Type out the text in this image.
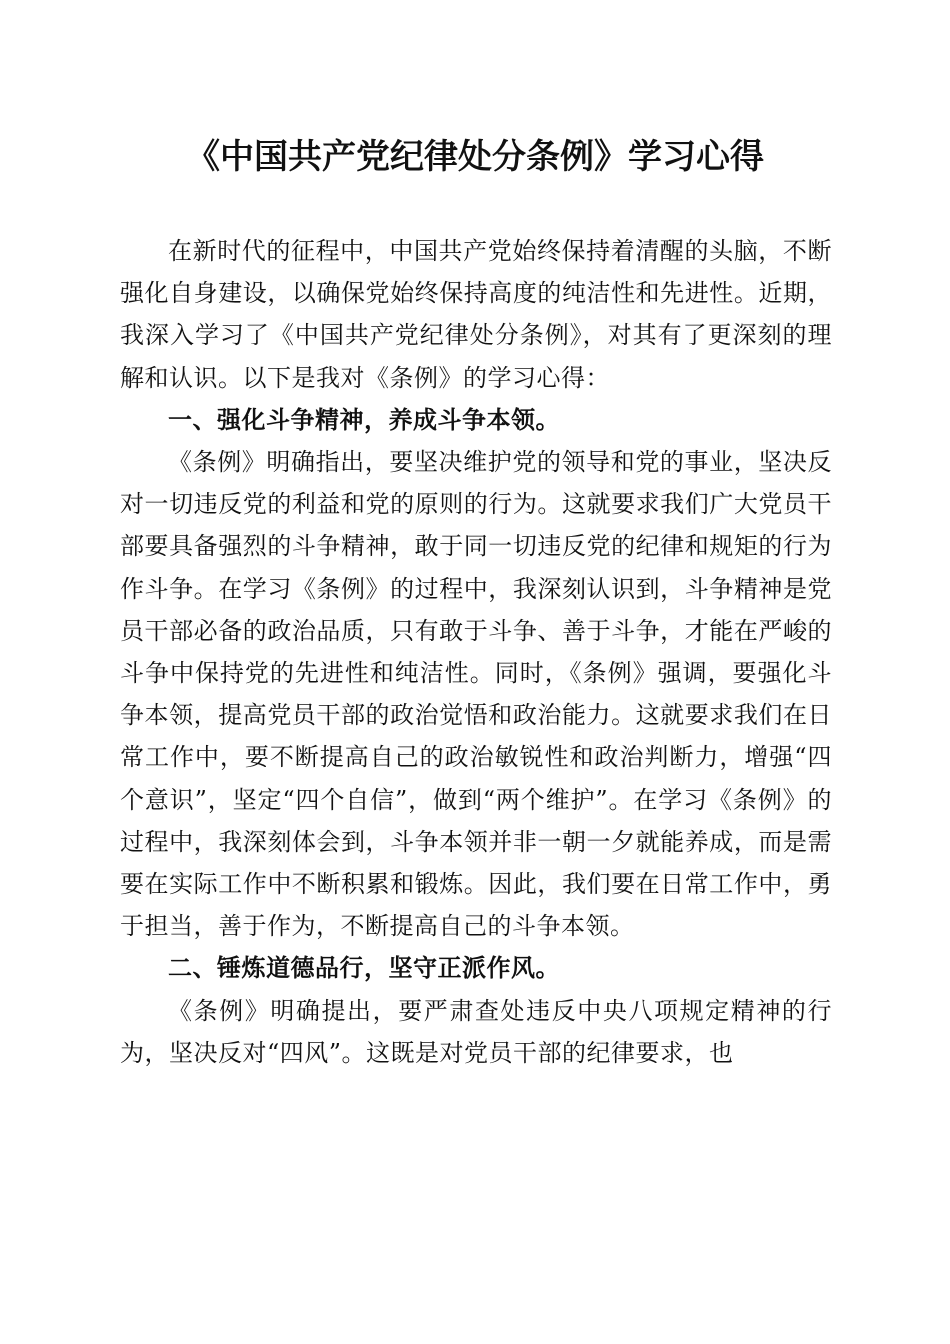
《中国共产党纪律处分条例》学习心得

在新时代的征程中，中国共产党始终保持着清醒的头脑，不断强化自身建设，以确保党始终保持高度的纯洁性和先进性。近期，我深入学习了《中国共产党纪律处分条例》，对其有了更深刻的理解和认识。以下是我对《条例》的学习心得：

一、强化斗争精神，养成斗争本领。

《条例》明确指出，要坚决维护党的领导和党的事业，坚决反对一切违反党的利益和党的原则的行为。这就要求我们广大党员干部要具备强烈的斗争精神，敢于同一切违反党的纪律和规矩的行为作斗争。在学习《条例》的过程中，我深刻认识到，斗争精神是党员干部必备的政治品质，只有敢于斗争、善于斗争，才能在严峻的斗争中保持党的先进性和纯洁性。同时，《条例》强调，要强化斗争本领，提高党员干部的政治觉悟和政治能力。这就要求我们在日常工作中，要不断提高自己的政治敏锐性和政治判断力，增强“四个意识”，坚定“四个自信”，做到“两个维护”。在学习《条例》的过程中，我深刻体会到，斗争本领并非一朝一夕就能养成，而是需要在实际工作中不断积累和锻炼。因此，我们要在日常工作中，勇于担当，善于作为，不断提高自己的斗争本领。

二、锤炼道德品行，坚守正派作风。

《条例》明确提出，要严肃查处违反中央八项规定精神的行为，坚决反对“四风”。这既是对党员干部的纪律要求，也
